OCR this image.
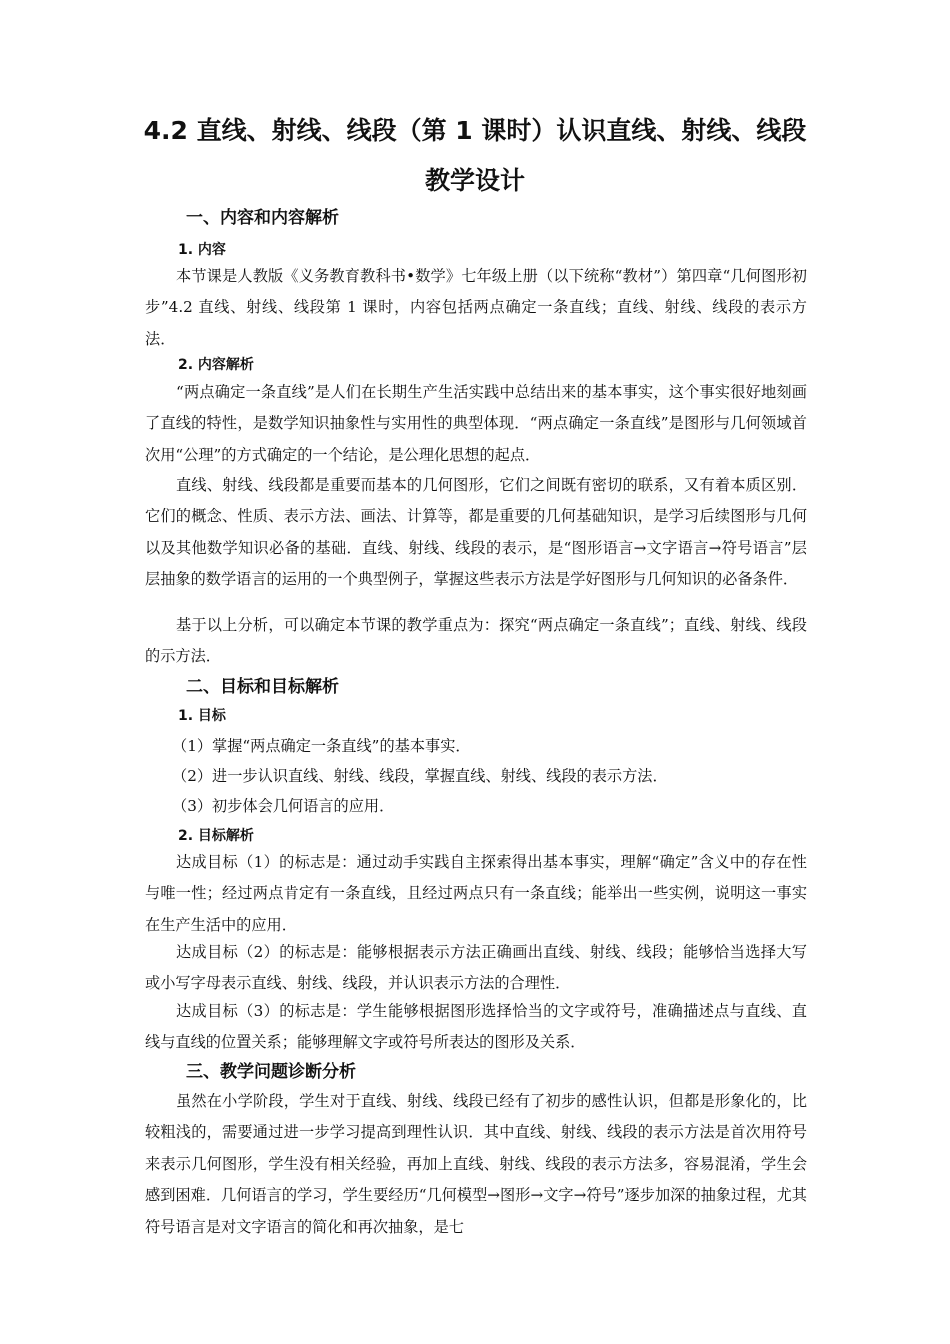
4.2 直线、射线、线段（第 1 课时）认识直线、射线、线段
教学设计
一、内容和内容解析
1. 内容
本节课是人教版《义务教育教科书•数学》七年级上册（以下统称“教材”）第四章“几何图形初步”4.2 直线、射线、线段第 1 课时，内容包括两点确定一条直线；直线、射线、线段的表示方法．
2. 内容解析
“两点确定一条直线”是人们在长期生产生活实践中总结出来的基本事实，这个事实很好地刻画了直线的特性，是数学知识抽象性与实用性的典型体现．“两点确定一条直线”是图形与几何领域首次用“公理”的方式确定的一个结论，是公理化思想的起点．
直线、射线、线段都是重要而基本的几何图形，它们之间既有密切的联系，又有着本质区别．它们的概念、性质、表示方法、画法、计算等，都是重要的几何基础知识，是学习后续图形与几何以及其他数学知识必备的基础．直线、射线、线段的表示，是“图形语言→文字语言→符号语言”层层抽象的数学语言的运用的一个典型例子，掌握这些表示方法是学好图形与几何知识的必备条件．
基于以上分析，可以确定本节课的教学重点为：探究“两点确定一条直线”；直线、射线、线段的示方法．
二、目标和目标解析
1. 目标
（1）掌握“两点确定一条直线”的基本事实．
（2）进一步认识直线、射线、线段，掌握直线、射线、线段的表示方法．
（3）初步体会几何语言的应用．
2. 目标解析
达成目标（1）的标志是：通过动手实践自主探索得出基本事实，理解“确定”含义中的存在性与唯一性；经过两点肯定有一条直线，且经过两点只有一条直线；能举出一些实例，说明这一事实在生产生活中的应用．
达成目标（2）的标志是：能够根据表示方法正确画出直线、射线、线段；能够恰当选择大写或小写字母表示直线、射线、线段，并认识表示方法的合理性．
达成目标（3）的标志是：学生能够根据图形选择恰当的文字或符号，准确描述点与直线、直线与直线的位置关系；能够理解文字或符号所表达的图形及关系．
三、教学问题诊断分析
虽然在小学阶段，学生对于直线、射线、线段已经有了初步的感性认识，但都是形象化的，比较粗浅的，需要通过进一步学习提高到理性认识．其中直线、射线、线段的表示方法是首次用符号来表示几何图形，学生没有相关经验，再加上直线、射线、线段的表示方法多，容易混淆，学生会感到困难．几何语言的学习，学生要经历“几何模型→图形→文字→符号”逐步加深的抽象过程，尤其符号语言是对文字语言的简化和再次抽象，是七
